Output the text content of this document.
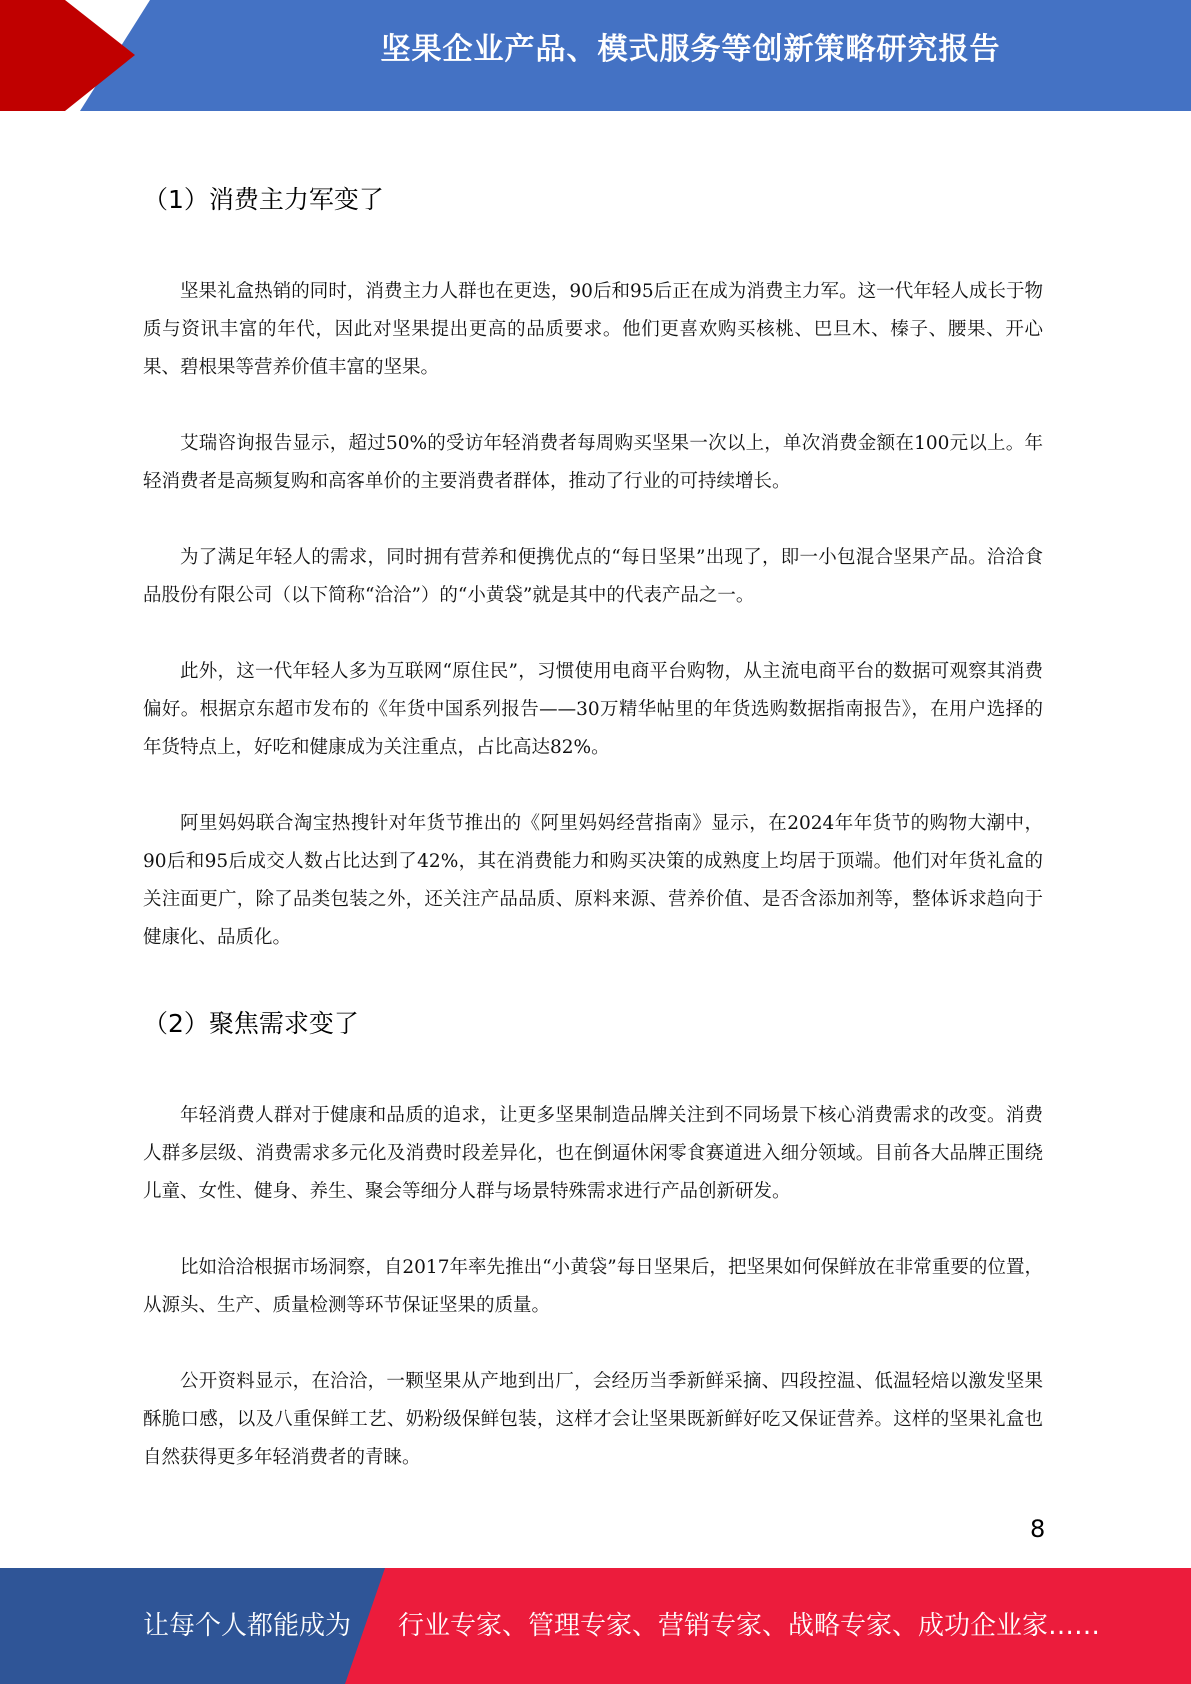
坚果企业产品、模式服务等创新策略研究报告
（1）消费主力军变了

坚果礼盒热销的同时，消费主力人群也在更迭，90后和95后正在成为消费主力军。这一代年轻人成长于物质与资讯丰富的年代，因此对坚果提出更高的品质要求。他们更喜欢购买核桃、巴旦木、榛子、腰果、开心果、碧根果等营养价值丰富的坚果。

艾瑞咨询报告显示，超过50%的受访年轻消费者每周购买坚果一次以上，单次消费金额在100元以上。年轻消费者是高频复购和高客单价的主要消费者群体，推动了行业的可持续增长。

为了满足年轻人的需求，同时拥有营养和便携优点的“每日坚果”出现了，即一小包混合坚果产品。洽洽食品股份有限公司（以下简称“洽洽”）的“小黄袋”就是其中的代表产品之一。

此外，这一代年轻人多为互联网“原住民”，习惯使用电商平台购物，从主流电商平台的数据可观察其消费偏好。根据京东超市发布的《年货中国系列报告——30万精华帖里的年货选购数据指南报告》，在用户选择的年货特点上，好吃和健康成为关注重点，占比高达82%。

阿里妈妈联合淘宝热搜针对年货节推出的《阿里妈妈经营指南》显示，在2024年年货节的购物大潮中，90后和95后成交人数占比达到了42%，其在消费能力和购买决策的成熟度上均居于顶端。他们对年货礼盒的关注面更广，除了品类包装之外，还关注产品品质、原料来源、营养价值、是否含添加剂等，整体诉求趋向于健康化、品质化。

（2）聚焦需求变了

年轻消费人群对于健康和品质的追求，让更多坚果制造品牌关注到不同场景下核心消费需求的改变。消费人群多层级、消费需求多元化及消费时段差异化，也在倒逼休闲零食赛道进入细分领域。目前各大品牌正围绕儿童、女性、健身、养生、聚会等细分人群与场景特殊需求进行产品创新研发。

比如洽洽根据市场洞察，自2017年率先推出“小黄袋”每日坚果后，把坚果如何保鲜放在非常重要的位置，从源头、生产、质量检测等环节保证坚果的质量。

公开资料显示，在洽洽，一颗坚果从产地到出厂，会经历当季新鲜采摘、四段控温、低温轻焙以激发坚果酥脆口感，以及八重保鲜工艺、奶粉级保鲜包装，这样才会让坚果既新鲜好吃又保证营养。这样的坚果礼盒也自然获得更多年轻消费者的青睐。

8
让每个人都能成为 行业专家、管理专家、营销专家、战略专家、成功企业家……
